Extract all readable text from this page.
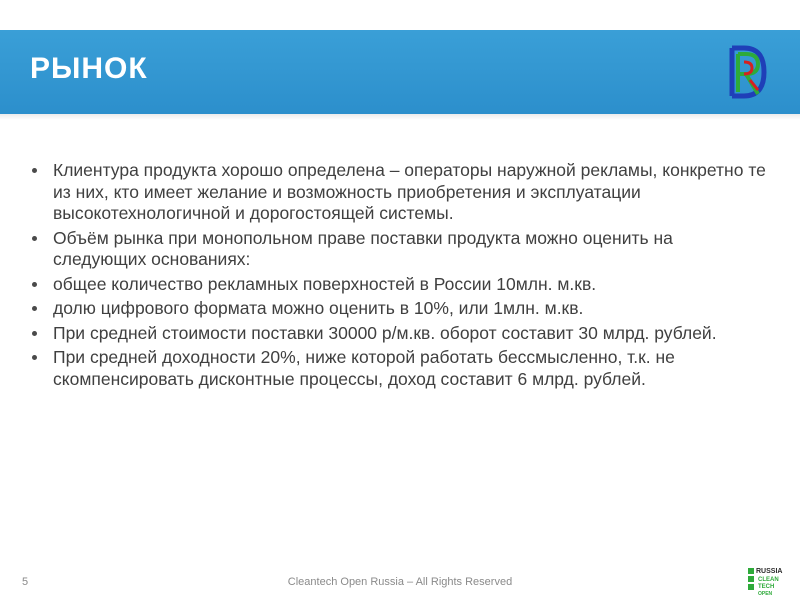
РЫНОК
Клиентура продукта хорошо определена – операторы наружной рекламы, конкретно те из них, кто имеет желание и возможность приобретения и эксплуатации высокотехнологичной и дорогостоящей системы.
Объём рынка при монопольном праве поставки продукта можно оценить на следующих основаниях:
общее количество рекламных поверхностей в России 10млн. м.кв.
долю цифрового формата можно оценить в 10%, или 1млн. м.кв.
При средней стоимости поставки 30000 р/м.кв. оборот составит 30 млрд. рублей.
При средней доходности 20%, ниже которой работать бессмысленно, т.к. не скомпенсировать дисконтные процессы, доход составит 6 млрд. рублей.
5	Cleantech Open Russia – All Rights Reserved
RUSSIA
CLEAN
TECH
OPEN
